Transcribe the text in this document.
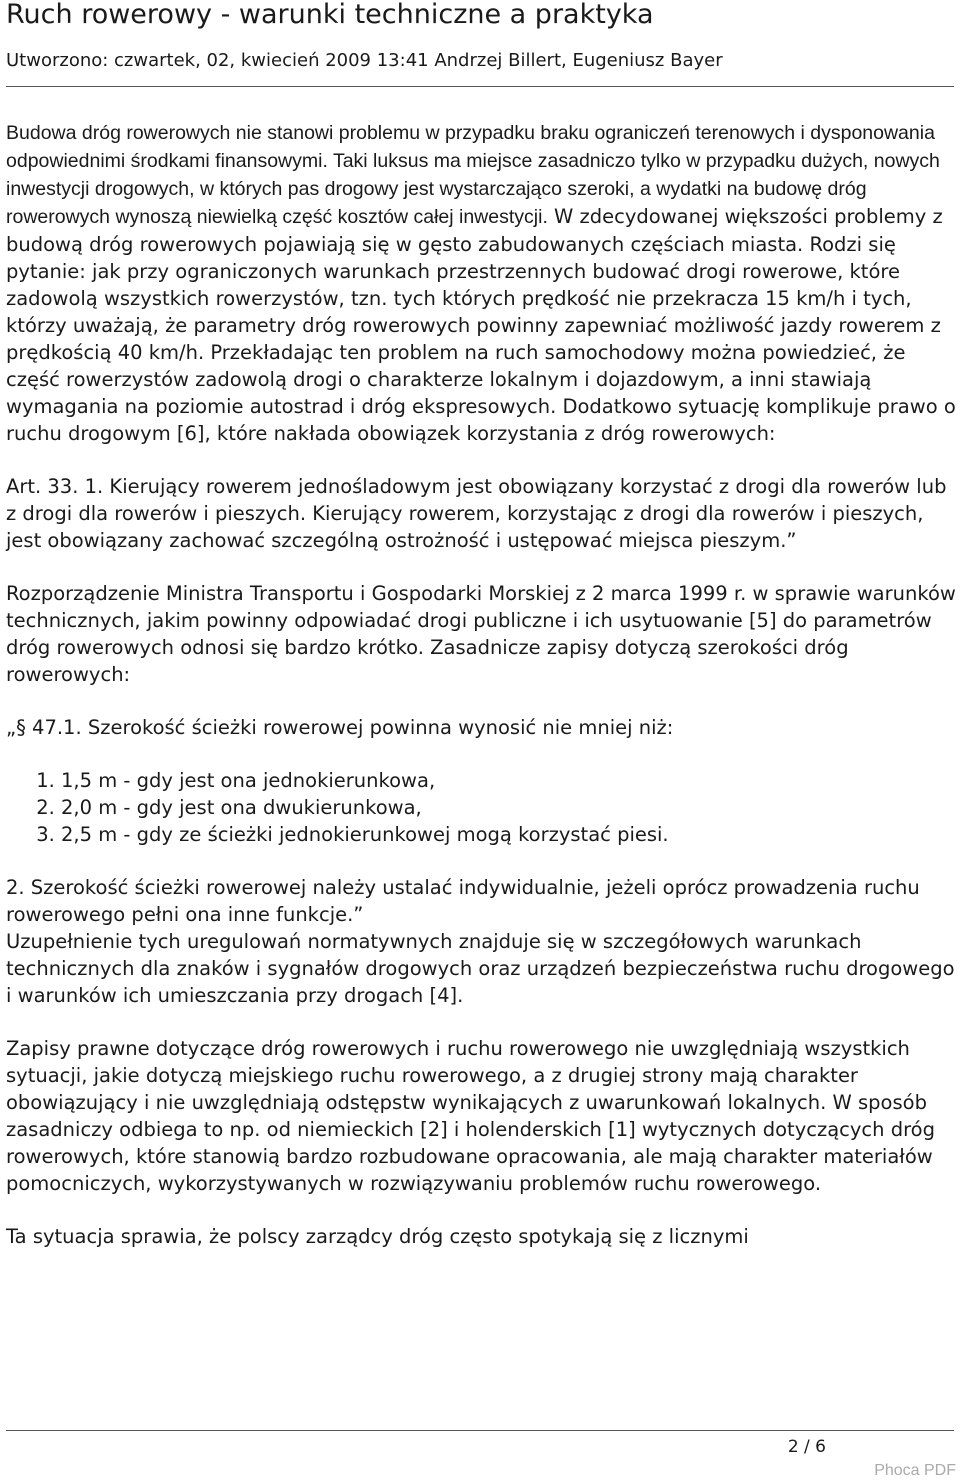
Ruch rowerowy - warunki techniczne a praktyka
Utworzono: czwartek, 02, kwiecień 2009 13:41 Andrzej Billert, Eugeniusz Bayer

Budowa dróg rowerowych nie stanowi problemu w przypadku braku ograniczeń terenowych i dysponowania odpowiednimi środkami finansowymi. Taki luksus ma miejsce zasadniczo tylko w przypadku dużych, nowych inwestycji drogowych, w których pas drogowy jest wystarczająco szeroki, a wydatki na budowę dróg rowerowych wynoszą niewielką część kosztów całej inwestycji. W zdecydowanej większości problemy z budową dróg rowerowych pojawiają się w gęsto zabudowanych częściach miasta. Rodzi się pytanie: jak przy ograniczonych warunkach przestrzennych budować drogi rowerowe, które zadowolą wszystkich rowerzystów, tzn. tych których prędkość nie przekracza 15 km/h i tych, którzy uważają, że parametry dróg rowerowych powinny zapewniać możliwość jazdy rowerem z prędkością 40 km/h. Przekładając ten problem na ruch samochodowy można powiedzieć, że część rowerzystów zadowolą drogi o charakterze lokalnym i dojazdowym, a inni stawiają wymagania na poziomie autostrad i dróg ekspresowych. Dodatkowo sytuację komplikuje prawo o ruchu drogowym [6], które nakłada obowiązek korzystania z dróg rowerowych:

Art. 33. 1. Kierujący rowerem jednośladowym jest obowiązany korzystać z drogi dla rowerów lub z drogi dla rowerów i pieszych. Kierujący rowerem, korzystając z drogi dla rowerów i pieszych, jest obowiązany zachować szczególną ostrożność i ustępować miejsca pieszym.”

Rozporządzenie Ministra Transportu i Gospodarki Morskiej z 2 marca 1999 r. w sprawie warunków technicznych, jakim powinny odpowiadać drogi publiczne i ich usytuowanie [5] do parametrów dróg rowerowych odnosi się bardzo krótko. Zasadnicze zapisy dotyczą szerokości dróg rowerowych:

„§ 47.1. Szerokość ścieżki rowerowej powinna wynosić nie mniej niż:

1. 1,5 m - gdy jest ona jednokierunkowa,
2. 2,0 m - gdy jest ona dwukierunkowa,
3. 2,5 m - gdy ze ścieżki jednokierunkowej mogą korzystać piesi.

2. Szerokość ścieżki rowerowej należy ustalać indywidualnie, jeżeli oprócz prowadzenia ruchu rowerowego pełni ona inne funkcje.”

Uzupełnienie tych uregulowań normatywnych znajduje się w szczegółowych warunkach technicznych dla znaków i sygnałów drogowych oraz urządzeń bezpieczeństwa ruchu drogowego i warunków ich umieszczania przy drogach [4].

Zapisy prawne dotyczące dróg rowerowych i ruchu rowerowego nie uwzględniają wszystkich sytuacji, jakie dotyczą miejskiego ruchu rowerowego, a z drugiej strony mają charakter obowiązujący i nie uwzględniają odstępstw wynikających z uwarunkowań lokalnych. W sposób zasadniczy odbiega to np. od niemieckich [2] i holenderskich [1] wytycznych dotyczących dróg rowerowych, które stanowią bardzo rozbudowane opracowania, ale mają charakter materiałów pomocniczych, wykorzystywanych w rozwiązywaniu problemów ruchu rowerowego.

Ta sytuacja sprawia, że polscy zarządcy dróg często spotykają się z licznymi

2 / 6
Phoca PDF
